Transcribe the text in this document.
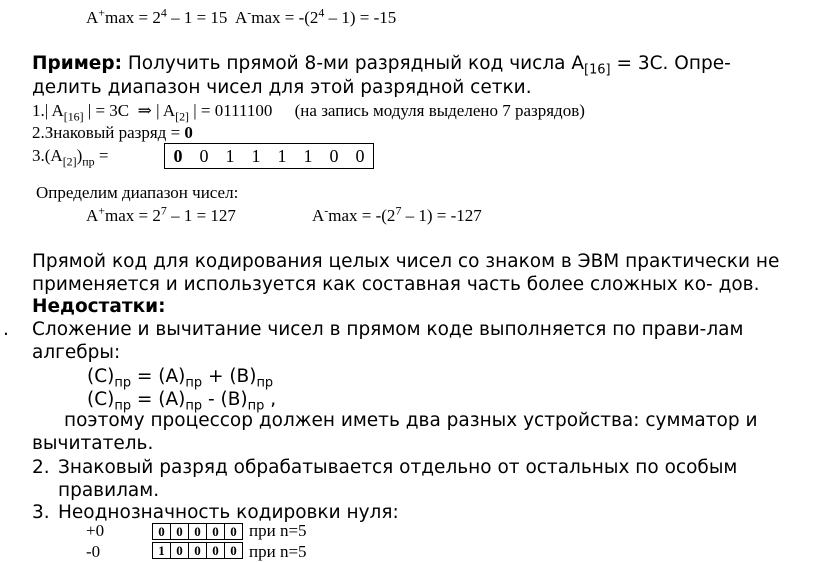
$A^+\max = 2^4 - 1 = 15$ $A^-\max = -(2^4 - 1) = -15$
Пример: Получить прямой 8-ми разрядный код числа $А_{[16]} = 3С$. Опре-
делить диапазон чисел для этой разрядной сетки.
1.| $A_{[16]}$ | = 3C ⇒ | $A_{[2]}$ | = 0111100 (на запись модуля выделено 7 разрядов)
2.Знаковый разряд = 0
$3.(A_{[2]})_{пр}$ =	0 0 1 1 1 1 0 0
Определим диапазон чисел:
$A^+\max = 2^7 - 1 = 127$	$A^-\max = -(2^7 - 1) = -127$
Прямой код для кодирования целых чисел со знаком в ЭВМ практически не
применяется и используется как составная часть более сложных ко- дов.
Недостатки:
. Сложение и вычитание чисел в прямом коде выполняется по прави-лам
алгебры:
$(C)_{пр} = (A)_{пр} + (B)_{пр}$
$(C)_{пр} = (A)_{пр} - (B)_{пр}$ ,
поэтому процессор должен иметь два разных устройства: сумматор и
вычитатель.
2. Знаковый разряд обрабатывается отдельно от остальных по особым
правилам.
3. Неоднозначность кодировки нуля:
+0	0 0 0 0 0 при n=5
-0	1 0 0 0 0 при n=5
